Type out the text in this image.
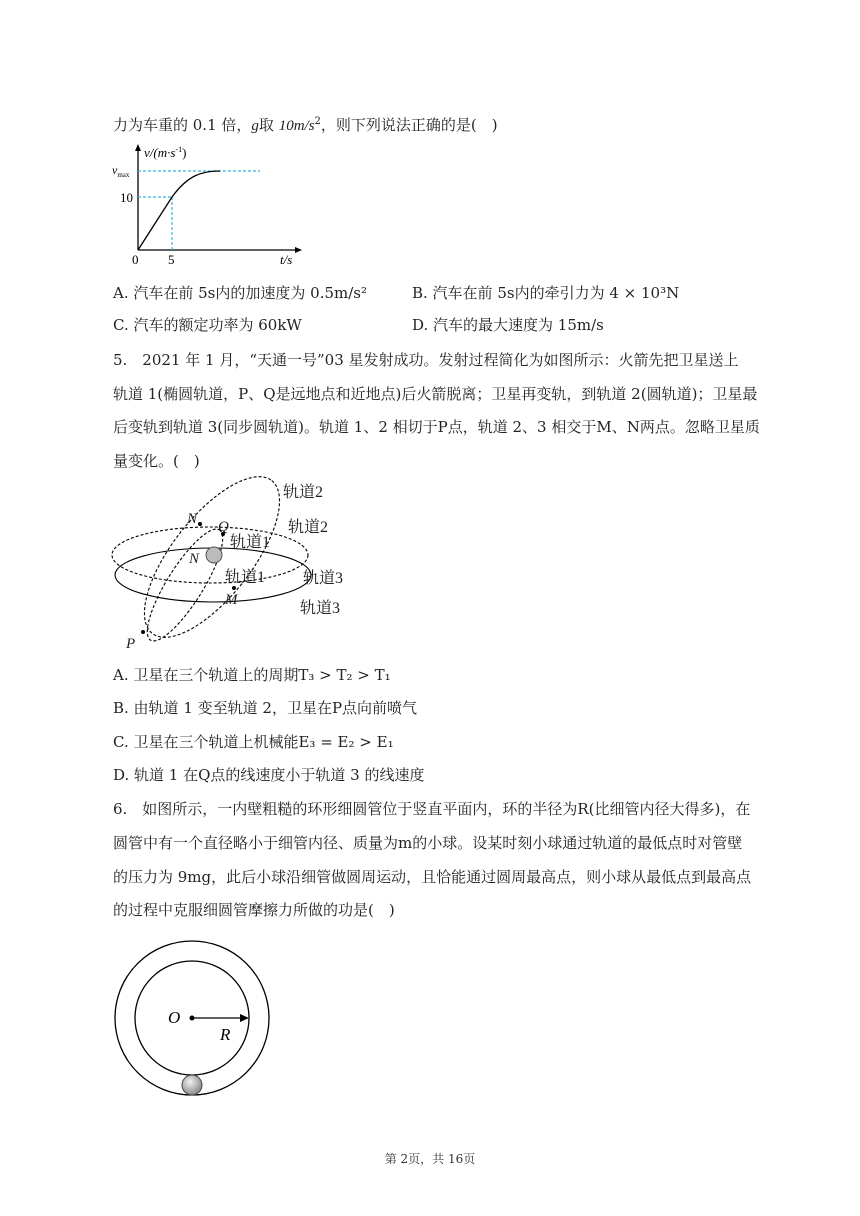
力为车重的 0.1 倍，g取 $10m/s^2$，则下列说法正确的是(　)
$v/(m\cdot s^{-1})$
$v_{max}$
10
0 5	t/s
A. 汽车在前 5s内的加速度为 0.5m/s²	B. 汽车在前 5s内的牵引力为 4 × 10³N
C. 汽车的额定功率为 60kW	D. 汽车的最大速度为 15m/s
5.　2021 年 1 月，“天通一号”03 星发射成功。发射过程简化为如图所示：火箭先把卫星送上
轨道 1(椭圆轨道，P、Q是远地点和近地点)后火箭脱离；卫星再变轨，到轨道 2(圆轨道)；卫星最
后变轨到轨道 3(同步圆轨道)。轨道 1、2 相切于P点，轨道 2、3 相交于M、N两点。忽略卫星质
量变化。(　)
轨道2
轨道2
轨道1
轨道1 轨道3
轨道3
N Q
N
M
P
A. 卫星在三个轨道上的周期T₃ > T₂ > T₁
B. 由轨道 1 变至轨道 2，卫星在P点向前喷气
C. 卫星在三个轨道上机械能E₃ = E₂ > E₁
D. 轨道 1 在Q点的线速度小于轨道 3 的线速度
6.　如图所示，一内壁粗糙的环形细圆管位于竖直平面内，环的半径为R(比细管内径大得多)，在
圆管中有一个直径略小于细管内径、质量为m的小球。设某时刻小球通过轨道的最低点时对管壁
的压力为 9mg，此后小球沿细管做圆周运动，且恰能通过圆周最高点，则小球从最低点到最高点
的过程中克服细圆管摩擦力所做的功是(　)
O
R
第 2页，共 16页
